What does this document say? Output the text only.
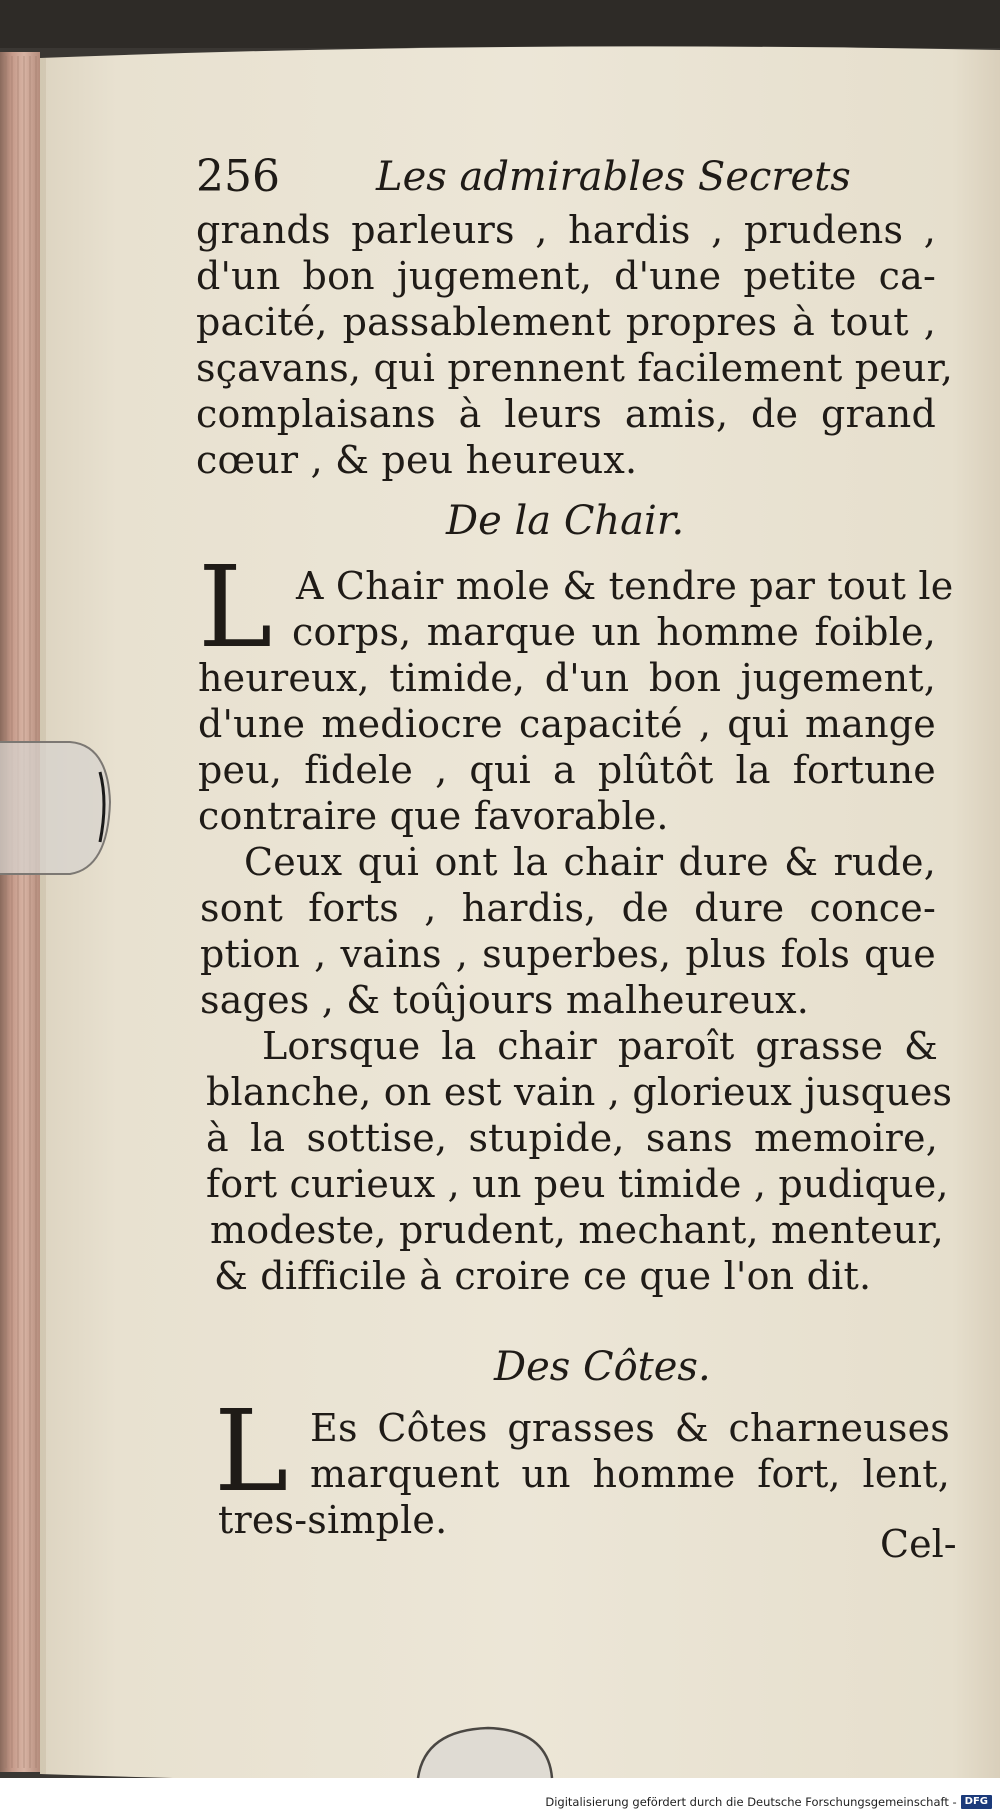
256 Les admirables Secrets
grands parleurs , hardis , prudens ,
d'un bon jugement, d'une petite ca-
pacité, passablement propres à tout ,
sçavans, qui prennent facilement peur,
complaisans à leurs amis, de grand
cœur , & peu heureux.
De la Chair.
L A Chair mole & tendre par tout le
corps, marque un homme foible,
heureux, timide, d'un bon jugement,
d'une mediocre capacité , qui mange
peu, fidele , qui a plûtôt la fortune
contraire que favorable.
Ceux qui ont la chair dure & rude,
sont forts , hardis, de dure conce-
ption , vains , superbes, plus fols que
sages , & toûjours malheureux.
Lorsque la chair paroît grasse &
blanche, on est vain , glorieux jusques
à la sottise, stupide, sans memoire,
fort curieux , un peu timide , pudique,
modeste, prudent, mechant, menteur,
& difficile à croire ce que l'on dit.
Des Côtes.
L Es Côtes grasses & charneuses
marquent un homme fort, lent,
tres-simple.
Cel-
Digitalisierung gefördert durch die Deutsche Forschungsgemeinschaft - DFG
